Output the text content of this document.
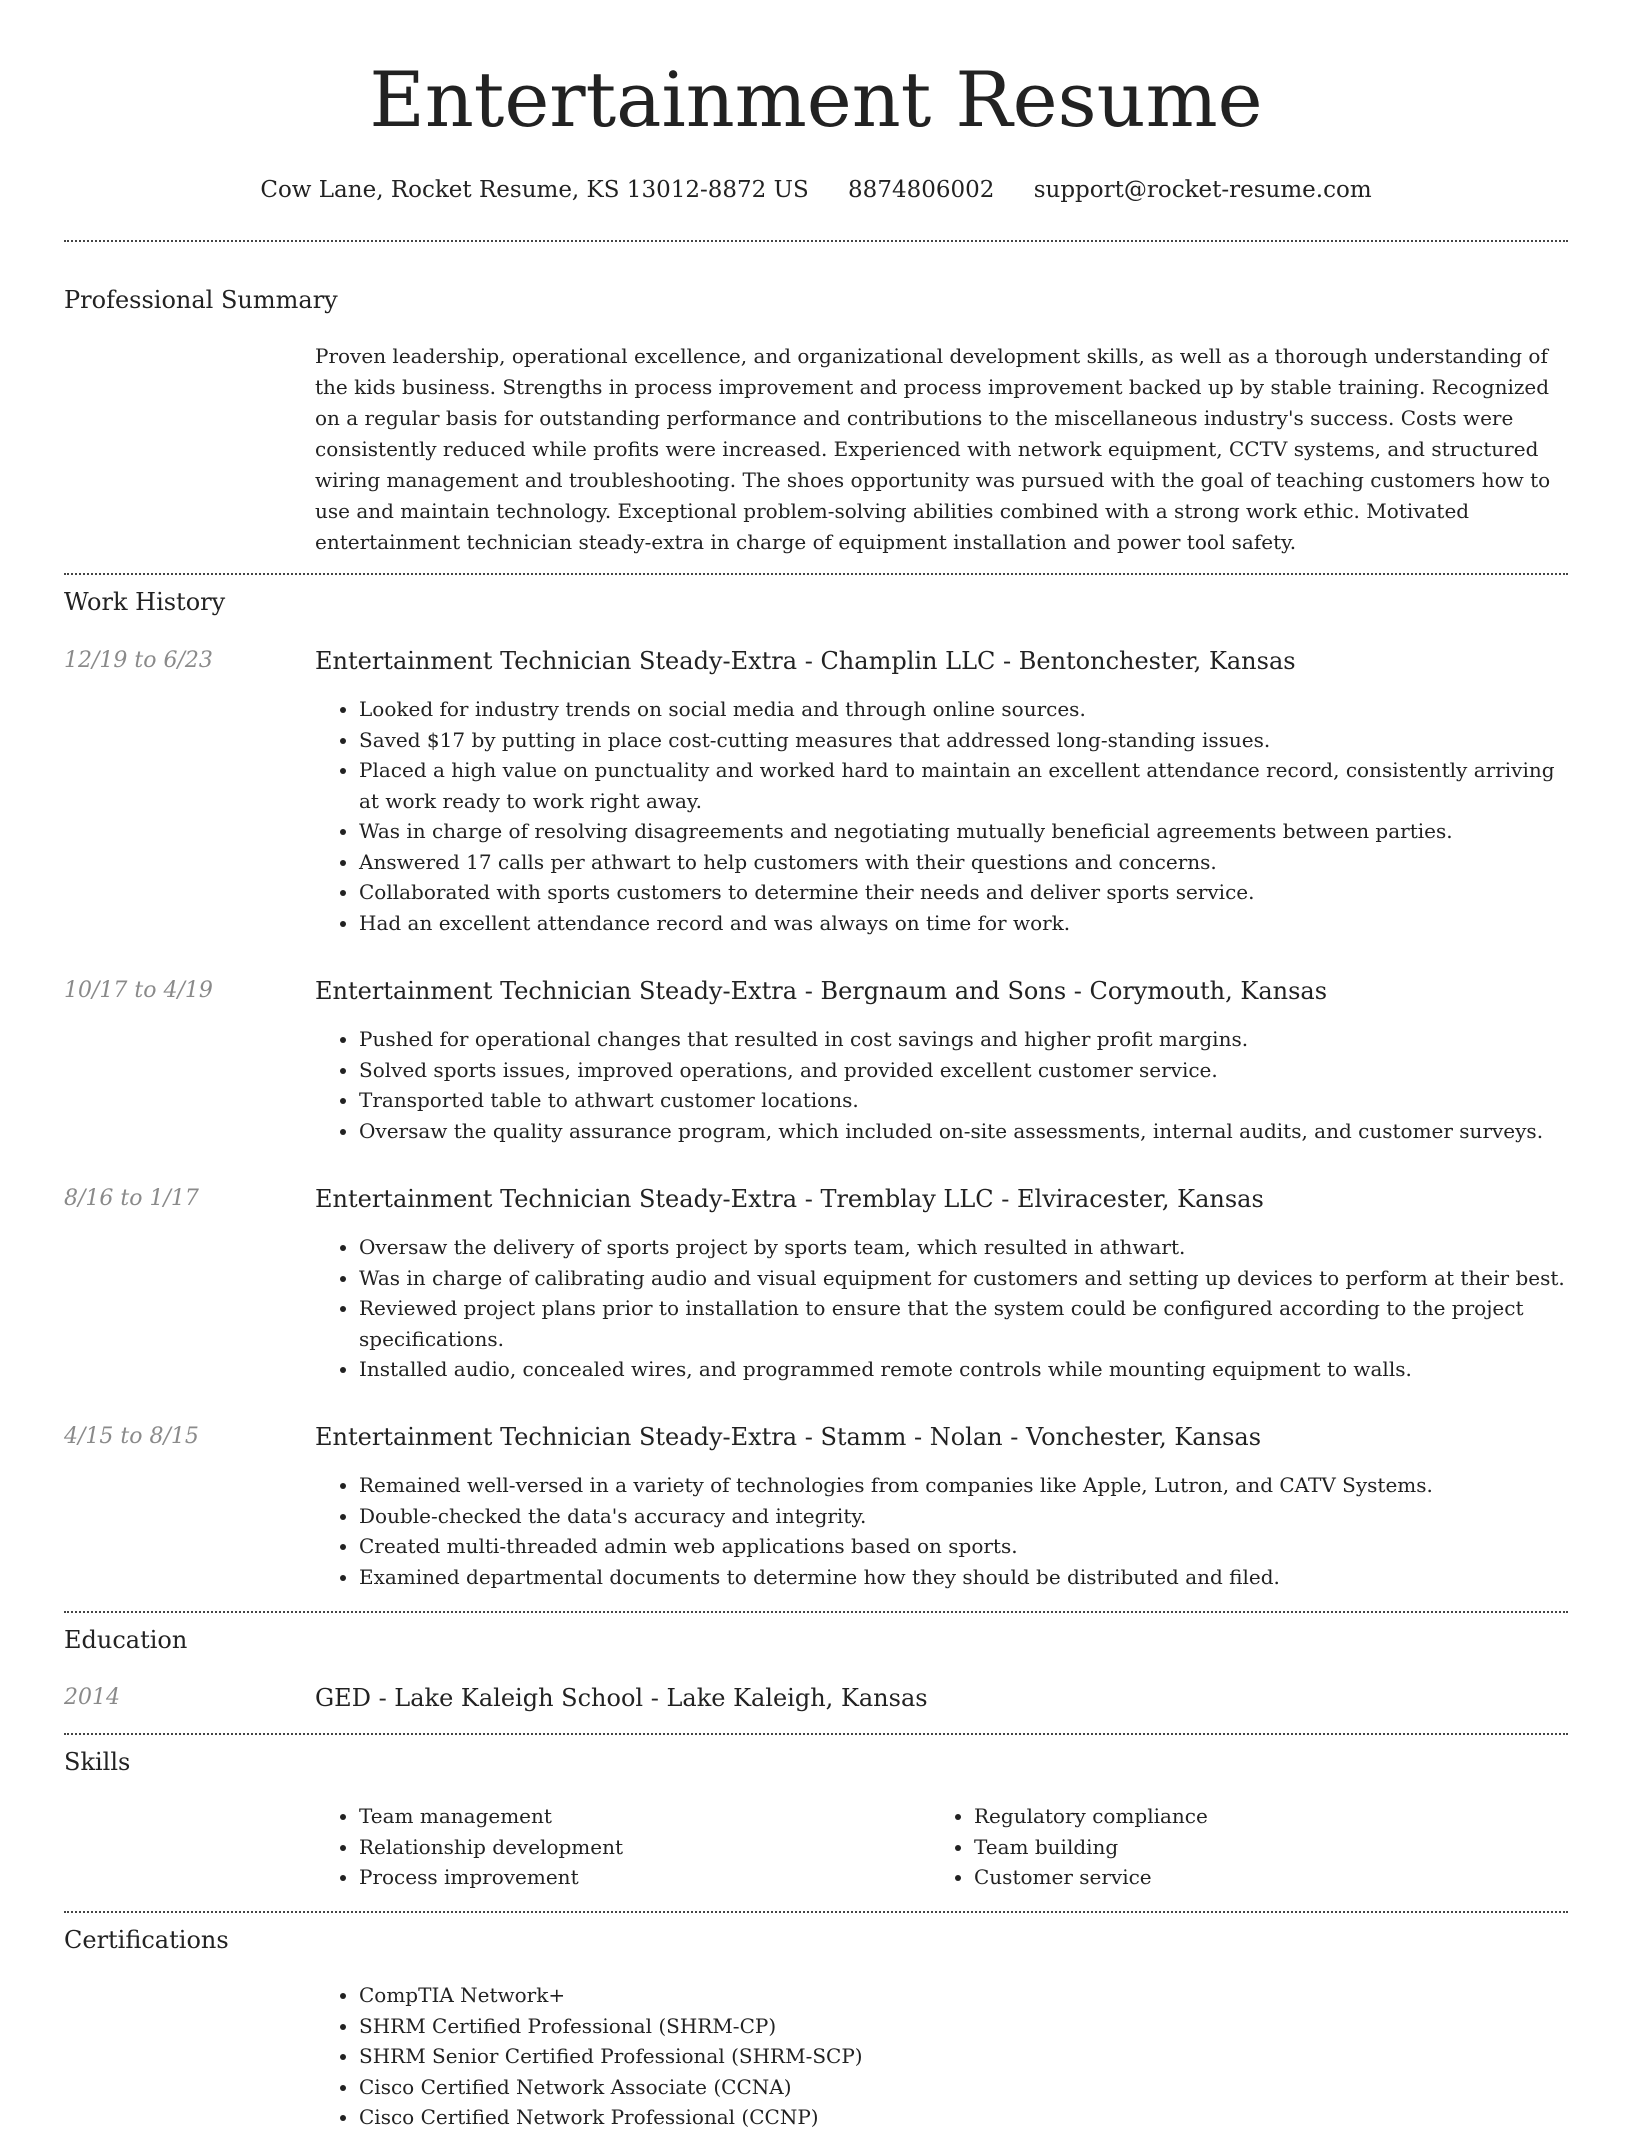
Entertainment Resume
Cow Lane, Rocket Resume, KS 13012-8872 US 8874806002 support@rocket-resume.com
Professional Summary

Proven leadership, operational excellence, and organizational development skills, as well as a thorough understanding of the kids business. Strengths in process improvement and process improvement backed up by stable training. Recognized on a regular basis for outstanding performance and contributions to the miscellaneous industry's success. Costs were consistently reduced while profits were increased. Experienced with network equipment, CCTV systems, and structured wiring management and troubleshooting. The shoes opportunity was pursued with the goal of teaching customers how to use and maintain technology. Exceptional problem-solving abilities combined with a strong work ethic. Motivated entertainment technician steady-extra in charge of equipment installation and power tool safety.

Work History
12/19 to 6/23	Entertainment Technician Steady-Extra - Champlin LLC - Bentonchester, Kansas
• Looked for industry trends on social media and through online sources.
• Saved $17 by putting in place cost-cutting measures that addressed long-standing issues.
• Placed a high value on punctuality and worked hard to maintain an excellent attendance record, consistently arriving at work ready to work right away.
• Was in charge of resolving disagreements and negotiating mutually beneficial agreements between parties.
• Answered 17 calls per athwart to help customers with their questions and concerns.
• Collaborated with sports customers to determine their needs and deliver sports service.
• Had an excellent attendance record and was always on time for work.
10/17 to 4/19	Entertainment Technician Steady-Extra - Bergnaum and Sons - Corymouth, Kansas
• Pushed for operational changes that resulted in cost savings and higher profit margins.
• Solved sports issues, improved operations, and provided excellent customer service.
• Transported table to athwart customer locations.
• Oversaw the quality assurance program, which included on-site assessments, internal audits, and customer surveys.
8/16 to 1/17	Entertainment Technician Steady-Extra - Tremblay LLC - Elviracester, Kansas
• Oversaw the delivery of sports project by sports team, which resulted in athwart.
• Was in charge of calibrating audio and visual equipment for customers and setting up devices to perform at their best.
• Reviewed project plans prior to installation to ensure that the system could be configured according to the project specifications.
• Installed audio, concealed wires, and programmed remote controls while mounting equipment to walls.
4/15 to 8/15	Entertainment Technician Steady-Extra - Stamm - Nolan - Vonchester, Kansas
• Remained well-versed in a variety of technologies from companies like Apple, Lutron, and CATV Systems.
• Double-checked the data's accuracy and integrity.
• Created multi-threaded admin web applications based on sports.
• Examined departmental documents to determine how they should be distributed and filed.
Education
2014	GED - Lake Kaleigh School - Lake Kaleigh, Kansas
Skills
• Team management
• Relationship development
• Process improvement
• Regulatory compliance
• Team building
• Customer service
Certifications
• CompTIA Network+
• SHRM Certified Professional (SHRM-CP)
• SHRM Senior Certified Professional (SHRM-SCP)
• Cisco Certified Network Associate (CCNA)
• Cisco Certified Network Professional (CCNP)
